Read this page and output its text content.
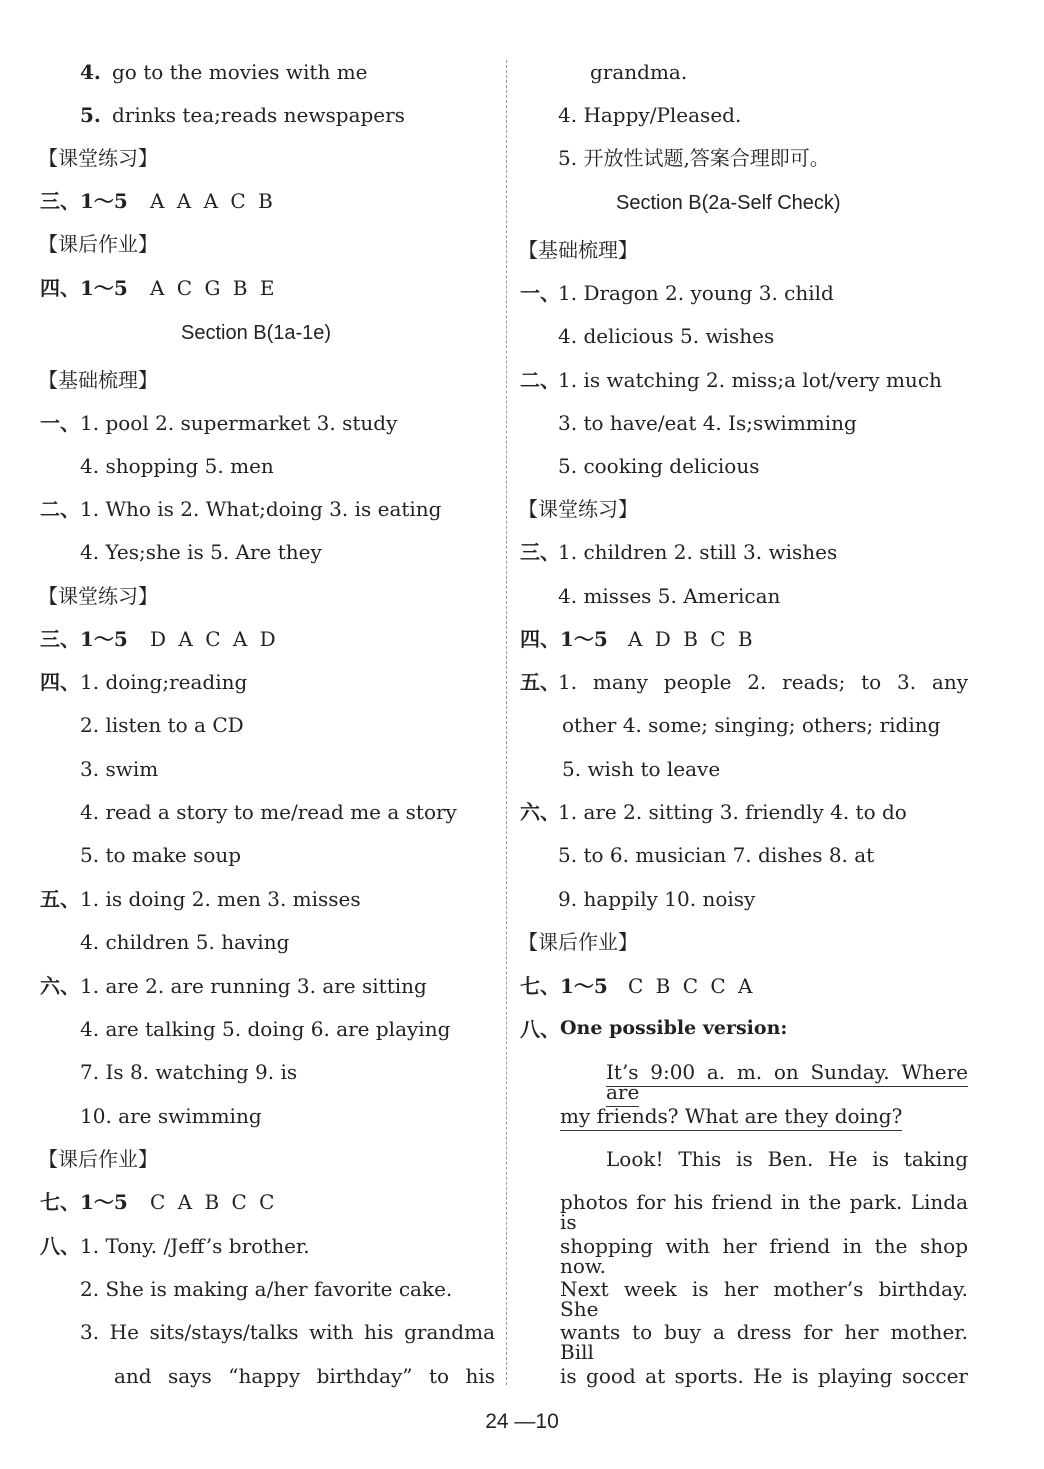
4. go to the movies with me
5. drinks tea;reads newspapers
【课堂练习】
三、1～5 A A A C B
【课后作业】
四、1～5 A C G B E
Section B(1a-1e)
【基础梳理】
一、 1. pool 2. supermarket 3. study
4. shopping 5. men
二、 1. Who is 2. What;doing 3. is eating
4. Yes;she is 5. Are they
【课堂练习】
三、1～5 D A C A D
四、 1. doing;reading
2. listen to a CD
3. swim
4. read a story to me/read me a story
5. to make soup
五、 1. is doing 2. men 3. misses
4. children 5. having
六、 1. are 2. are running 3. are sitting
4. are talking 5. doing 6. are playing
7. Is 8. watching 9. is
10. are swimming
【课后作业】
七、1～5 C A B C C
八、 1. Tony. /Jeff’s brother.
2. She is making a/her favorite cake.
3. He sits/stays/talks with his grandma
and says “happy birthday” to his
grandma.
4. Happy/Pleased.
5. 开放性试题,答案合理即可。
Section B(2a-Self Check)
【基础梳理】
一、
1. Dragon 2. young 3. child
4. delicious 5. wishes
二、
1. is watching 2. miss;a lot/very much
3. to have/eat 4. Is;swimming
5. cooking delicious
【课堂练习】
三、
1. children 2. still 3. wishes
4. misses 5. American
四、1～5 A D B C B
五、
1. many people 2. reads; to 3. any
other 4. some; singing; others; riding
5. wish to leave
六、
1. are 2. sitting 3. friendly 4. to do
5. to 6. musician 7. dishes 8. at
9. happily 10. noisy
【课后作业】
七、1～5 C B C C A
八、 One possible version:
It’s 9:00 a. m. on Sunday. Where are
my friends? What are they doing?
Look! This is Ben. He is taking
photos for his friend in the park. Linda is
shopping with her friend in the shop now.
Next week is her mother’s birthday. She
wants to buy a dress for her mother. Bill
is good at sports. He is playing soccer
24 —10
